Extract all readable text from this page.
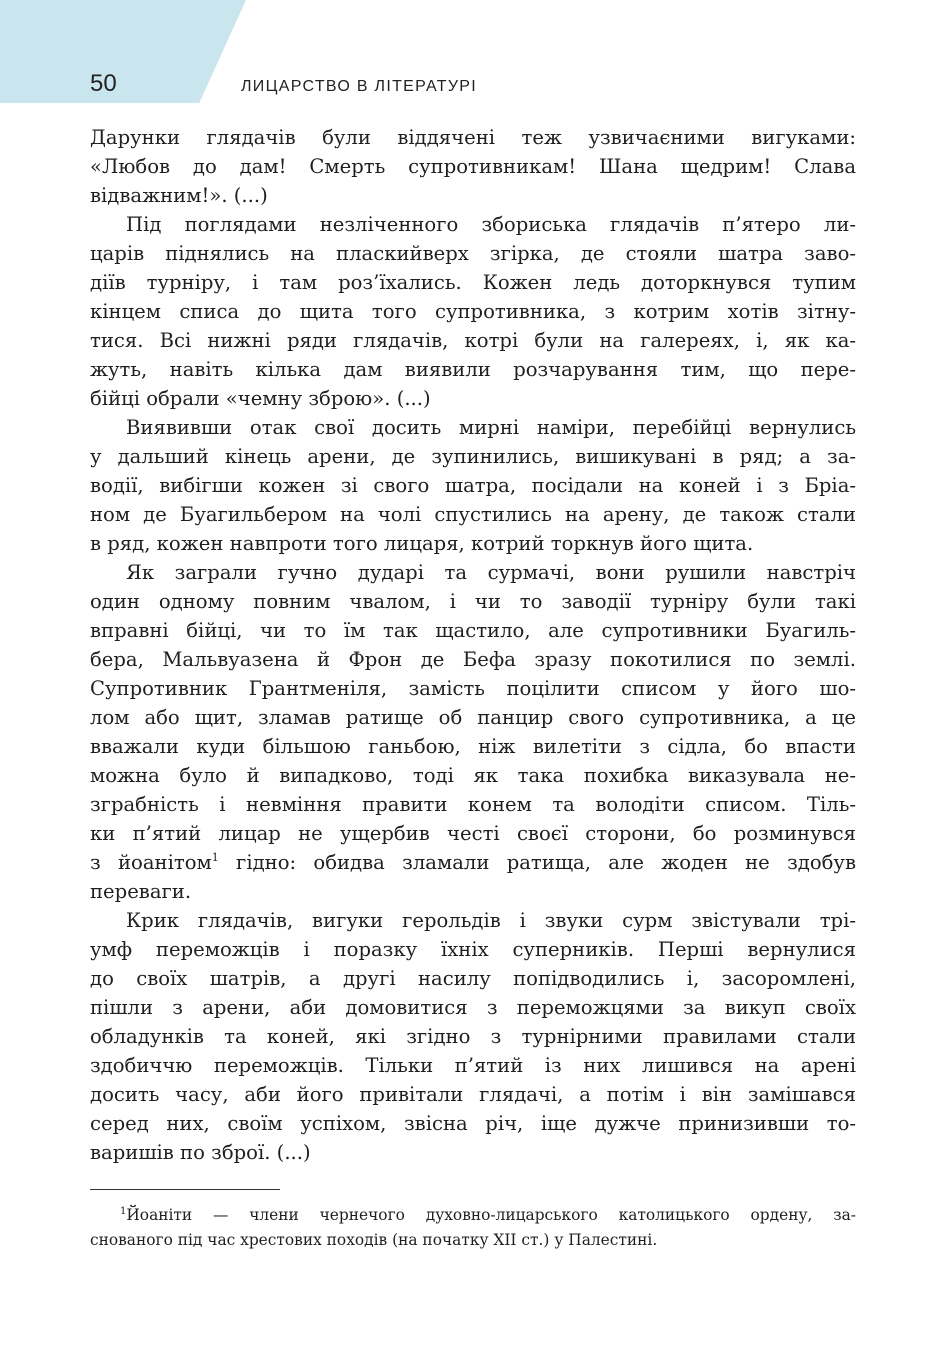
50	ЛИЦАРСТВО В ЛІТЕРАТУРІ
Дарунки глядачів були віддячені теж узвичаєними вигуками:
«Любов до дам! Смерть супротивникам! Шана щедрим! Слава
відважним!». (...)
Під поглядами незліченного збориська глядачів п’ятеро ли-
царів піднялись на пласкийверх згірка, де стояли шатра заво-
діїв турніру, і там роз’їхались. Кожен ледь доторкнувся тупим
кінцем списа до щита того супротивника, з котрим хотів зітну-
тися. Всі нижні ряди глядачів, котрі були на галереях, і, як ка-
жуть, навіть кілька дам виявили розчарування тим, що пере-
бійці обрали «чемну зброю». (...)
Виявивши отак свої досить мирні наміри, перебійці вернулись
у дальший кінець арени, де зупинились, вишикувані в ряд; а за-
водії, вибігши кожен зі свого шатра, посідали на коней і з Бріа-
ном де Буагильбером на чолі спустились на арену, де також стали
в ряд, кожен навпроти того лицаря, котрий торкнув його щита.
Як заграли гучно дударі та сурмачі, вони рушили навстріч
один одному повним чвалом, і чи то заводії турніру були такі
вправні бійці, чи то їм так щастило, але супротивники Буагиль-
бера, Мальвуазена й Фрон де Бефа зразу покотилися по землі.
Супротивник Грантменіля, замість поцілити списом у його шо-
лом або щит, зламав ратище об панцир свого супротивника, а це
вважали куди більшою ганьбою, ніж вилетіти з сідла, бо впасти
можна було й випадково, тоді як така похибка виказувала не-
зграбність і невміння правити конем та володіти списом. Тіль-
ки п’ятий лицар не ущербив честі своєї сторони, бо розминувся
з йоанітом$^1$ гідно: обидва зламали ратища, але жоден не здобув
переваги.
Крик глядачів, вигуки герольдів і звуки сурм звістували трі-
умф переможців і поразку їхніх суперників. Перші вернулися
до своїх шатрів, а другі насилу попідводились і, засоромлені,
пішли з арени, аби домовитися з переможцями за викуп своїх
обладунків та коней, які згідно з турнірними правилами стали
здобиччю переможців. Тільки п’ятий із них лишився на арені
досить часу, аби його привітали глядачі, а потім і він замішався
серед них, своїм успіхом, звісна річ, іще дужче принизивши то-
варишів по зброї. (...)
$^1$Йоаніти — члени чернечого духовно-лицарського католицького ордену, за-
снованого під час хрестових походів (на початку XII ст.) у Палестині.
